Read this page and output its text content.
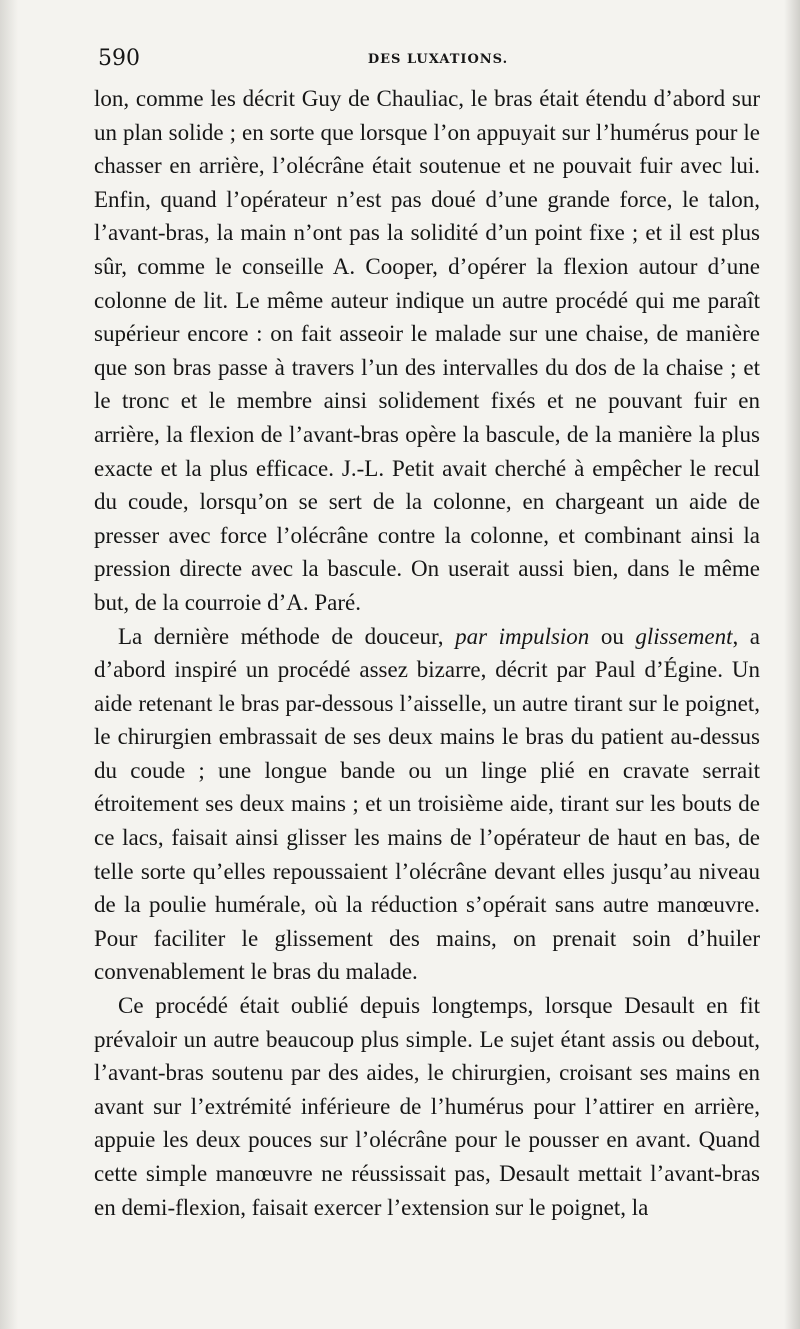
590	DES LUXATIONS.

lon, comme les décrit Guy de Chauliac, le bras était étendu d’abord sur un plan solide ; en sorte que lorsque l’on appuyait sur l’humérus pour le chasser en arrière, l’olécrâne était soutenue et ne pouvait fuir avec lui. Enfin, quand l’opérateur n’est pas doué d’une grande force, le talon, l’avant-bras, la main n’ont pas la solidité d’un point fixe ; et il est plus sûr, comme le conseille A. Cooper, d’opérer la flexion autour d’une colonne de lit. Le même auteur indique un autre procédé qui me paraît supérieur encore : on fait asseoir le malade sur une chaise, de manière que son bras passe à travers l’un des intervalles du dos de la chaise ; et le tronc et le membre ainsi solidement fixés et ne pouvant fuir en arrière, la flexion de l’avant-bras opère la bascule, de la manière la plus exacte et la plus efficace. J.-L. Petit avait cherché à empêcher le recul du coude, lorsqu’on se sert de la colonne, en chargeant un aide de presser avec force l’olécrâne contre la colonne, et combinant ainsi la pression directe avec la bascule. On userait aussi bien, dans le même but, de la courroie d’A. Paré.

La dernière méthode de douceur, par impulsion ou glissement, a d’abord inspiré un procédé assez bizarre, décrit par Paul d’Égine. Un aide retenant le bras par-dessous l’aisselle, un autre tirant sur le poignet, le chirurgien embrassait de ses deux mains le bras du patient au-dessus du coude ; une longue bande ou un linge plié en cravate serrait étroitement ses deux mains ; et un troisième aide, tirant sur les bouts de ce lacs, faisait ainsi glisser les mains de l’opérateur de haut en bas, de telle sorte qu’elles repoussaient l’olécrâne devant elles jusqu’au niveau de la poulie humérale, où la réduction s’opérait sans autre manœuvre. Pour faciliter le glissement des mains, on prenait soin d’huiler convenablement le bras du malade.

Ce procédé était oublié depuis longtemps, lorsque Desault en fit prévaloir un autre beaucoup plus simple. Le sujet étant assis ou debout, l’avant-bras soutenu par des aides, le chirurgien, croisant ses mains en avant sur l’extrémité inférieure de l’humérus pour l’attirer en arrière, appuie les deux pouces sur l’olécrâne pour le pousser en avant. Quand cette simple manœuvre ne réussissait pas, Desault mettait l’avant-bras en demi-flexion, faisait exercer l’extension sur le poignet, la
